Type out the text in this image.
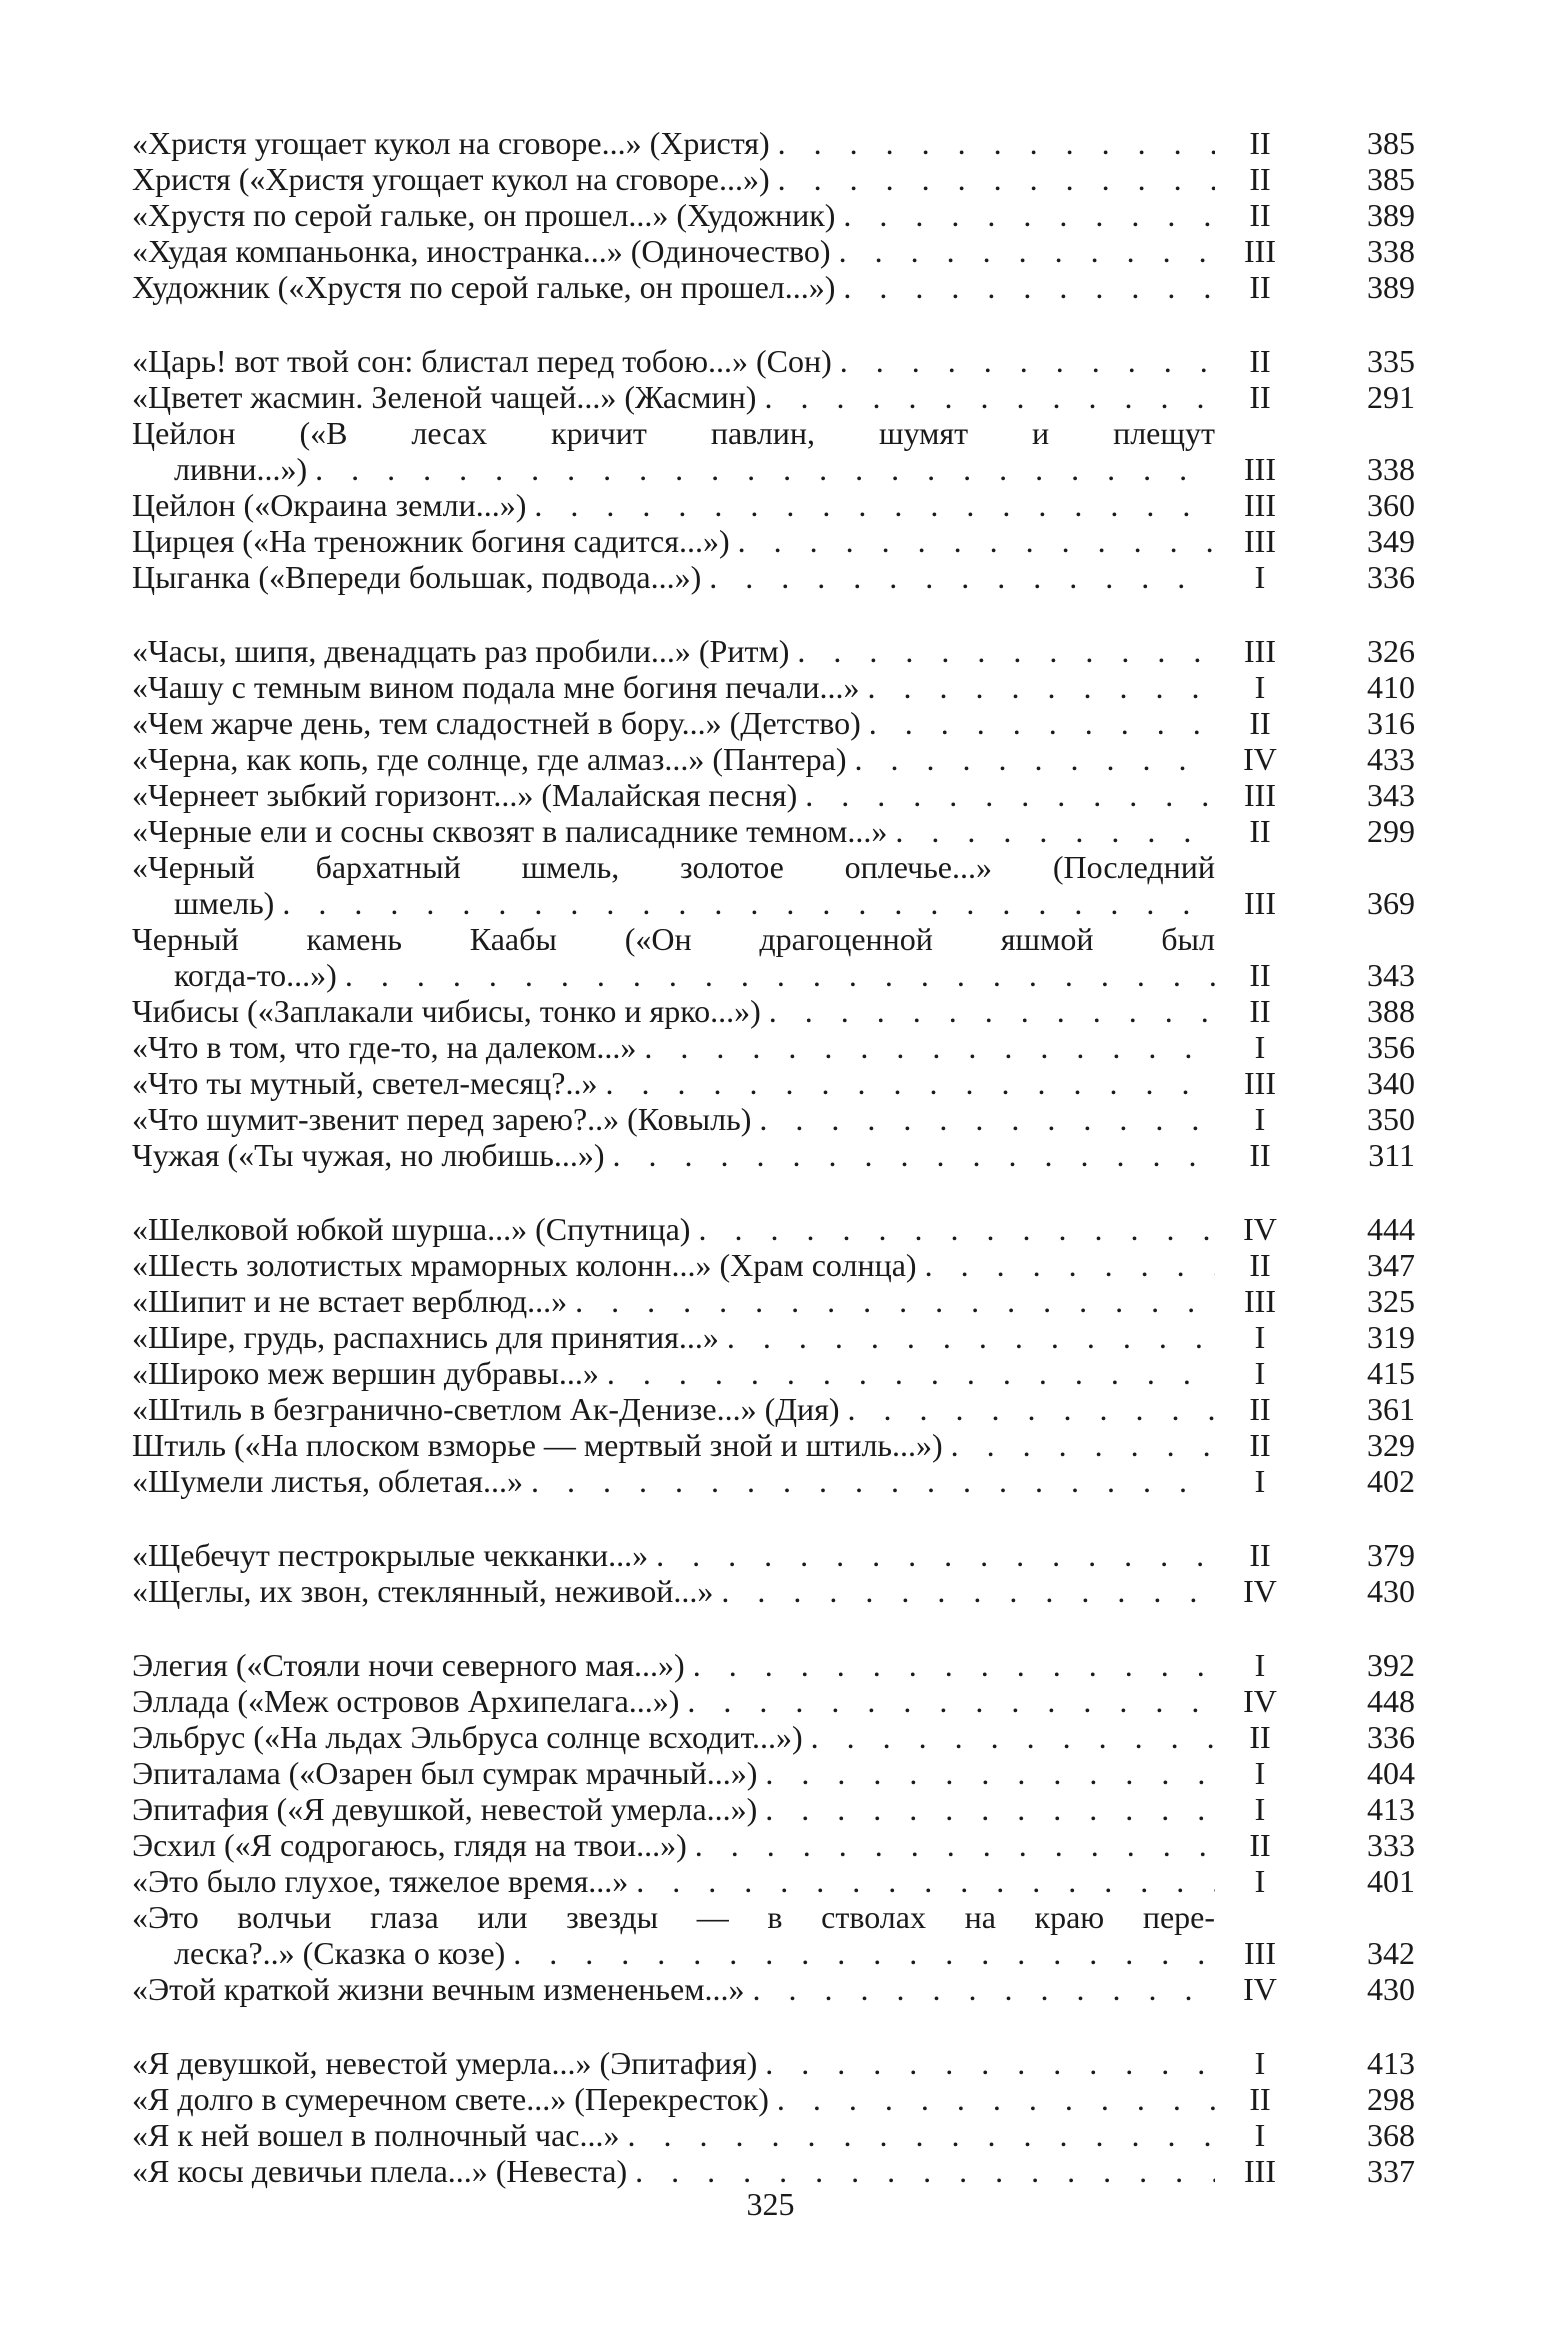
«Христя угощает кукол на сговоре...» (Христя) . . .	II	385
Христя («Христя угощает кукол на сговоре...») . . .	II	385
«Хрустя по серой гальке, он прошел...» (Художник) . . .	II	389
«Худая компаньонка, иностранка...» (Одиночество) . . .	III	338
Художник («Хрустя по серой гальке, он прошел...») . . .	II	389
«Царь! вот твой сон: блистал перед тобою...» (Сон) . . .	II	335
«Цветет жасмин. Зеленой чащей...» (Жасмин) . . .	II	291
Цейлон («В лесах кричит павлин, шумят и плещут
ливни...») . . .	III	338
Цейлон («Окраина земли...») . . .	III	360
Цирцея («На треножник богиня садится...») . . .	III	349
Цыганка («Впереди большак, подвода...») . . .	I	336
«Часы, шипя, двенадцать раз пробили...» (Ритм) . . .	III	326
«Чашу с темным вином подала мне богиня печали...» . . .	I	410
«Чем жарче день, тем сладостней в бору...» (Детство) . . .	II	316
«Черна, как копь, где солнце, где алмаз...» (Пантера) . . .	IV	433
«Чернеет зыбкий горизонт...» (Малайская песня) . . .	III	343
«Черные ели и сосны сквозят в палисаднике темном...» . . .	II	299
«Черный бархатный шмель, золотое оплечье...» (Последний
шмель) . . .	III	369
Черный камень Каабы («Он драгоценной яшмой был
когда-то...») . . .	II	343
Чибисы («Заплакали чибисы, тонко и ярко...») . . .	II	388
«Что в том, что где-то, на далеком...» . . .	I	356
«Что ты мутный, светел-месяц?..» . . .	III	340
«Что шумит-звенит перед зарею?..» (Ковыль) . . .	I	350
Чужая («Ты чужая, но любишь...») . . .	II	311
«Шелковой юбкой шурша...» (Спутница) . . .	IV	444
«Шесть золотистых мраморных колонн...» (Храм солнца) . . .	II	347
«Шипит и не встает верблюд...» . . .	III	325
«Шире, грудь, распахнись для принятия...» . . .	I	319
«Широко меж вершин дубравы...» . . .	I	415
«Штиль в безгранично-светлом Ак-Денизе...» (Дия) . . .	II	361
Штиль («На плоском взморье — мертвый зной и штиль...») . . .	II	329
«Шумели листья, облетая...» . . .	I	402
«Щебечут пестрокрылые чекканки...» . . .	II	379
«Щеглы, их звон, стеклянный, неживой...» . . .	IV	430
Элегия («Стояли ночи северного мая...») . . .	I	392
Эллада («Меж островов Архипелага...») . . .	IV	448
Эльбрус («На льдах Эльбруса солнце всходит...») . . .	II	336
Эпиталама («Озарен был сумрак мрачный...») . . .	I	404
Эпитафия («Я девушкой, невестой умерла...») . . .	I	413
Эсхил («Я содрогаюсь, глядя на твои...») . . .	II	333
«Это было глухое, тяжелое время...» . . .	I	401
«Это волчьи глаза или звезды — в стволах на краю пере-
леска?..» (Сказка о козе) . . .	III	342
«Этой краткой жизни вечным измененьем...» . . .	IV	430
«Я девушкой, невестой умерла...» (Эпитафия) . . .	I	413
«Я долго в сумеречном свете...» (Перекресток) . . .	II	298
«Я к ней вошел в полночный час...» . . .	I	368
«Я косы девичьи плела...» (Невеста) . . .	III	337
325
